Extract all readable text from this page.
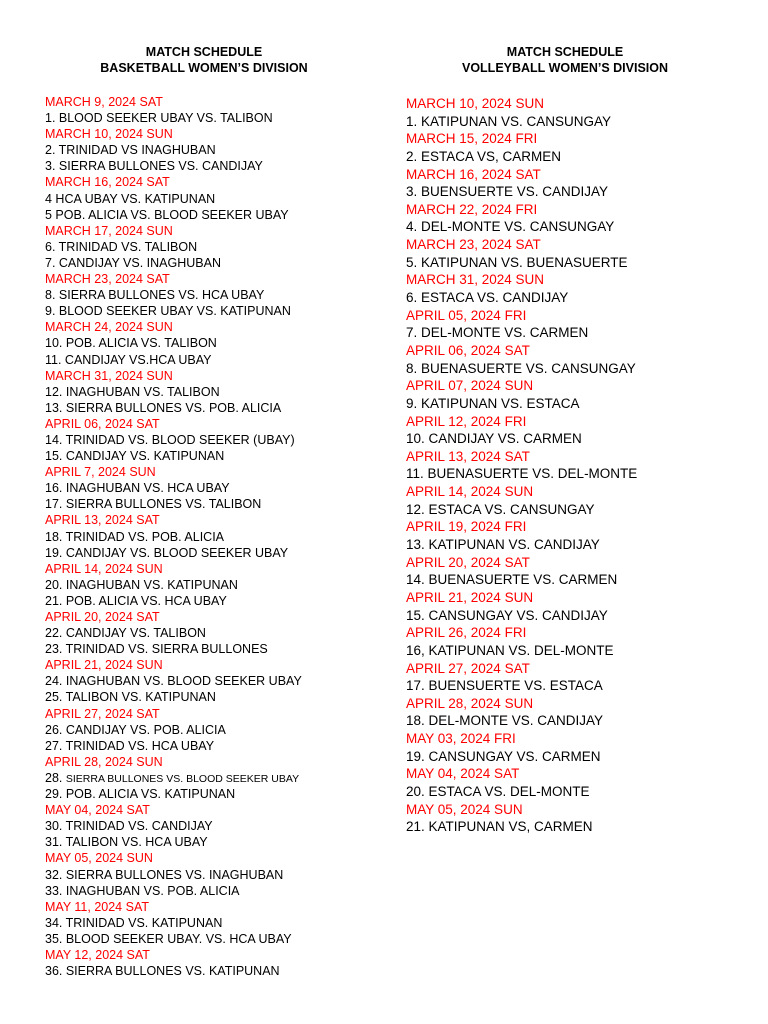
MATCH SCHEDULE
BASKETBALL WOMEN’S DIVISION
MARCH 9, 2024 SAT
1. BLOOD SEEKER UBAY VS. TALIBON
MARCH 10, 2024 SUN
2. TRINIDAD VS INAGHUBAN
3. SIERRA BULLONES VS. CANDIJAY
MARCH 16, 2024 SAT
4 HCA UBAY VS. KATIPUNAN
5 POB. ALICIA VS. BLOOD SEEKER UBAY
MARCH 17, 2024 SUN
6. TRINIDAD VS. TALIBON
7. CANDIJAY VS. INAGHUBAN
MARCH 23, 2024 SAT
8. SIERRA BULLONES VS. HCA UBAY
9. BLOOD SEEKER UBAY VS. KATIPUNAN
MARCH 24, 2024 SUN
10. POB. ALICIA VS. TALIBON
11. CANDIJAY VS.HCA UBAY
MARCH 31, 2024 SUN
12. INAGHUBAN VS. TALIBON
13. SIERRA BULLONES VS. POB. ALICIA
APRIL 06, 2024 SAT
14. TRINIDAD VS. BLOOD SEEKER (UBAY)
15. CANDIJAY VS. KATIPUNAN
APRIL 7, 2024 SUN
16. INAGHUBAN VS. HCA UBAY
17. SIERRA BULLONES VS. TALIBON
APRIL 13, 2024 SAT
18. TRINIDAD VS. POB. ALICIA
19. CANDIJAY VS. BLOOD SEEKER UBAY
APRIL 14, 2024 SUN
20. INAGHUBAN VS. KATIPUNAN
21. POB. ALICIA VS. HCA UBAY
APRIL 20, 2024 SAT
22. CANDIJAY VS. TALIBON
23. TRINIDAD VS. SIERRA BULLONES
APRIL 21, 2024 SUN
24. INAGHUBAN VS. BLOOD SEEKER UBAY
25. TALIBON VS. KATIPUNAN
APRIL 27, 2024 SAT
26. CANDIJAY VS. POB. ALICIA
27. TRINIDAD VS. HCA UBAY
APRIL 28, 2024 SUN
28. SIERRA BULLONES VS. BLOOD SEEKER UBAY
29. POB. ALICIA VS. KATIPUNAN
MAY 04, 2024 SAT
30. TRINIDAD VS. CANDIJAY
31. TALIBON VS. HCA UBAY
MAY 05, 2024 SUN
32. SIERRA BULLONES VS. INAGHUBAN
33. INAGHUBAN VS. POB. ALICIA
MAY 11, 2024 SAT
34. TRINIDAD VS. KATIPUNAN
35. BLOOD SEEKER UBAY. VS. HCA UBAY
MAY 12, 2024 SAT
36. SIERRA BULLONES VS. KATIPUNAN
MATCH SCHEDULE
VOLLEYBALL WOMEN’S DIVISION
MARCH 10, 2024 SUN
1. KATIPUNAN VS. CANSUNGAY
MARCH 15, 2024 FRI
2. ESTACA VS, CARMEN
MARCH 16, 2024 SAT
3. BUENSUERTE VS. CANDIJAY
MARCH 22, 2024 FRI
4. DEL-MONTE VS. CANSUNGAY
MARCH 23, 2024 SAT
5. KATIPUNAN VS. BUENASUERTE
MARCH 31, 2024 SUN
6. ESTACA VS. CANDIJAY
APRIL 05, 2024 FRI
7. DEL-MONTE VS. CARMEN
APRIL 06, 2024 SAT
8. BUENASUERTE VS. CANSUNGAY
APRIL 07, 2024 SUN
9. KATIPUNAN VS. ESTACA
APRIL 12, 2024 FRI
10. CANDIJAY VS. CARMEN
APRIL 13, 2024 SAT
11. BUENASUERTE VS. DEL-MONTE
APRIL 14, 2024 SUN
12. ESTACA VS. CANSUNGAY
APRIL 19, 2024 FRI
13. KATIPUNAN VS. CANDIJAY
APRIL 20, 2024 SAT
14. BUENASUERTE VS. CARMEN
APRIL 21, 2024 SUN
15. CANSUNGAY VS. CANDIJAY
APRIL 26, 2024 FRI
16, KATIPUNAN VS. DEL-MONTE
APRIL 27, 2024 SAT
17. BUENSUERTE VS. ESTACA
APRIL 28, 2024 SUN
18. DEL-MONTE VS. CANDIJAY
MAY 03, 2024 FRI
19. CANSUNGAY VS. CARMEN
MAY 04, 2024 SAT
20. ESTACA VS. DEL-MONTE
MAY 05, 2024 SUN
21. KATIPUNAN VS, CARMEN
